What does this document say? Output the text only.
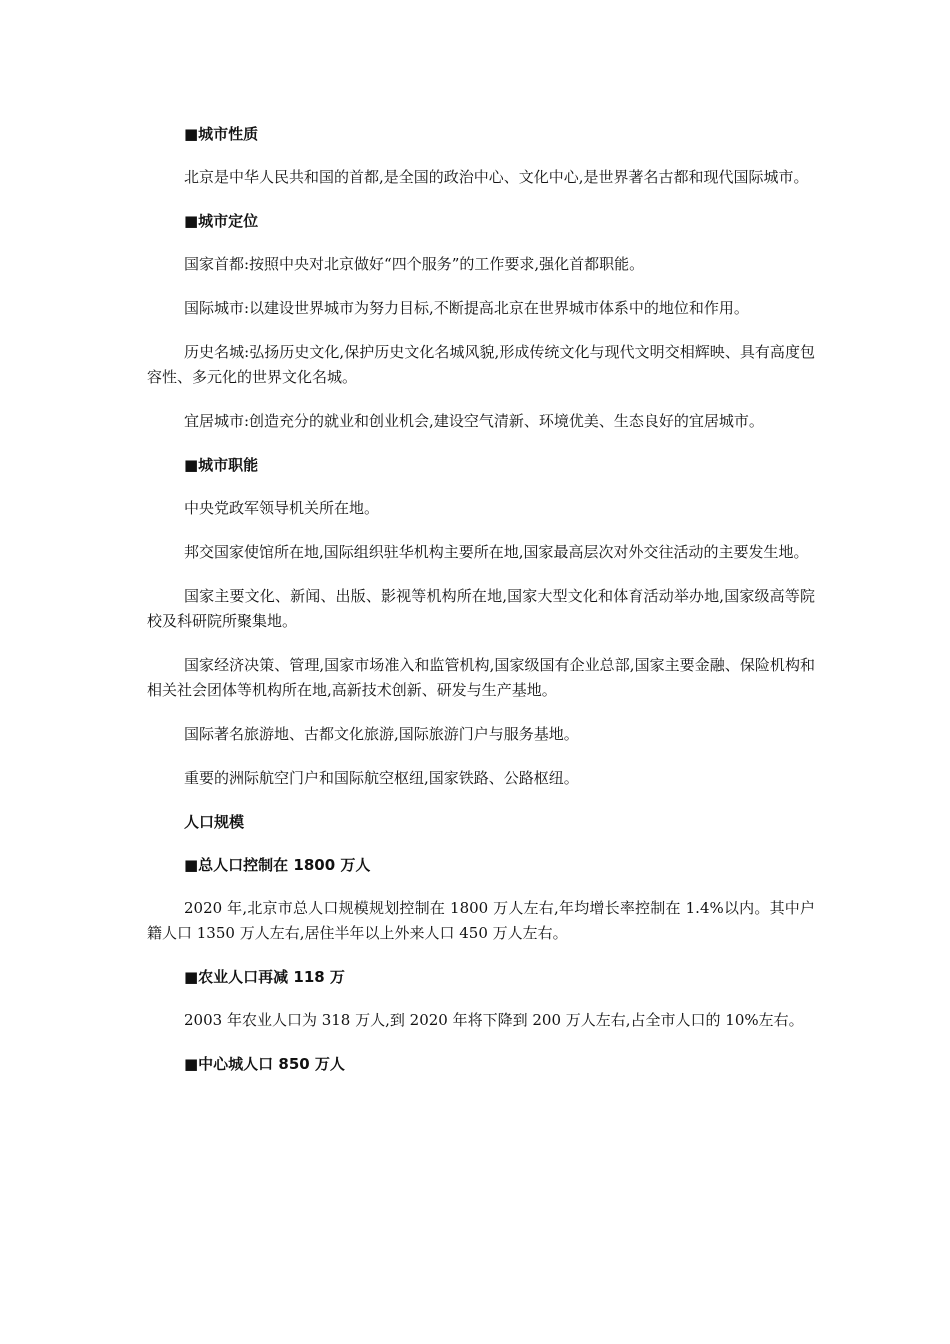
■城市性质

北京是中华人民共和国的首都,是全国的政治中心、文化中心,是世界著名古都和现代国际城市。

■城市定位

国家首都:按照中央对北京做好“四个服务”的工作要求,强化首都职能。

国际城市:以建设世界城市为努力目标,不断提高北京在世界城市体系中的地位和作用。

历史名城:弘扬历史文化,保护历史文化名城风貌,形成传统文化与现代文明交相辉映、具有高度包容性、多元化的世界文化名城。

宜居城市:创造充分的就业和创业机会,建设空气清新、环境优美、生态良好的宜居城市。

■城市职能

中央党政军领导机关所在地。

邦交国家使馆所在地,国际组织驻华机构主要所在地,国家最高层次对外交往活动的主要发生地。

国家主要文化、新闻、出版、影视等机构所在地,国家大型文化和体育活动举办地,国家级高等院校及科研院所聚集地。

国家经济决策、管理,国家市场准入和监管机构,国家级国有企业总部,国家主要金融、保险机构和相关社会团体等机构所在地,高新技术创新、研发与生产基地。

国际著名旅游地、古都文化旅游,国际旅游门户与服务基地。

重要的洲际航空门户和国际航空枢纽,国家铁路、公路枢纽。

人口规模
■总人口控制在 1800 万人

2020 年,北京市总人口规模规划控制在 1800 万人左右,年均增长率控制在 1.4%以内。其中户籍人口 1350 万人左右,居住半年以上外来人口 450 万人左右。

■农业人口再减 118 万

2003 年农业人口为 318 万人,到 2020 年将下降到 200 万人左右,占全市人口的 10%左右。

■中心城人口 850 万人
